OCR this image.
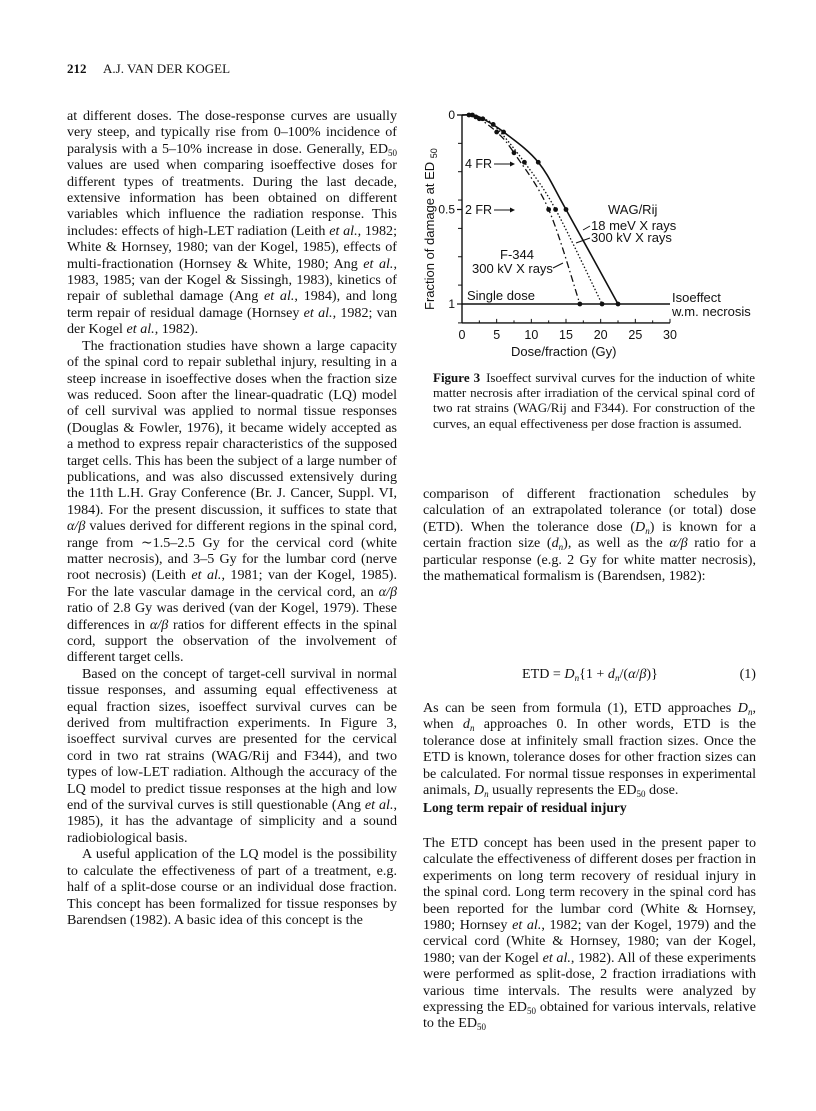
212 A.J. VAN DER KOGEL

at different doses. The dose-response curves are usually very steep, and typically rise from 0–100% incidence of paralysis with a 5–10% increase in dose. Generally, $ED_{50}$ values are used when comparing isoeffective doses for different types of treatments. During the last decade, extensive information has been obtained on different variables which influence the radiation response. This includes: effects of high-LET radiation (Leith et al., 1982; White & Hornsey, 1980; van der Kogel, 1985), effects of multi-fractionation (Hornsey & White, 1980; Ang et al., 1983, 1985; van der Kogel & Sissingh, 1983), kinetics of repair of sublethal damage (Ang et al., 1984), and long term repair of residual damage (Hornsey et al., 1982; van der Kogel et al., 1982).

The fractionation studies have shown a large capacity of the spinal cord to repair sublethal injury, resulting in a steep increase in isoeffective doses when the fraction size was reduced. Soon after the linear-quadratic (LQ) model of cell survival was applied to normal tissue responses (Douglas & Fowler, 1976), it became widely accepted as a method to express repair characteristics of the supposed target cells. This has been the subject of a large number of publications, and was also discussed extensively during the 11th L.H. Gray Conference (Br. J. Cancer, Suppl. VI, 1984). For the present discussion, it suffices to state that α/β values derived for different regions in the spinal cord, range from ∼1.5–2.5 Gy for the cervical cord (white matter necrosis), and 3–5 Gy for the lumbar cord (nerve root necrosis) (Leith et al., 1981; van der Kogel, 1985). For the late vascular damage in the cervical cord, an α/β ratio of 2.8 Gy was derived (van der Kogel, 1979). These differences in α/β ratios for different effects in the spinal cord, support the observation of the involvement of different target cells.

Based on the concept of target-cell survival in normal tissue responses, and assuming equal effectiveness at equal fraction sizes, isoeffect survival curves can be derived from multifraction experiments. In Figure 3, isoeffect survival curves are presented for the cervical cord in two rat strains (WAG/Rij and F344), and two types of low-LET radiation. Although the accuracy of the LQ model to predict tissue responses at the high and low end of the survival curves is still questionable (Ang et al., 1985), it has the advantage of simplicity and a sound radiobiological basis.

A useful application of the LQ model is the possibility to calculate the effectiveness of part of a treatment, e.g. half of a split-dose course or an individual dose fraction. This concept has been formalized for tissue responses by Barendsen (1982). A basic idea of this concept is the

0
0.5
1
0 5 10 15 20 25 30
Fraction of damage at ED $_{50}$
Dose/fraction (Gy)
4 FR
2 FR	WAG/Rij
18 meV X rays
300 kV X rays
F-344
300 kV X rays
Single dose	Isoeffect
w.m. necrosis
Figure 3 Isoeffect survival curves for the induction of white matter necrosis after irradiation of the cervical spinal cord of two rat strains (WAG/Rij and F344). For construction of the curves, an equal effectiveness per dose fraction is assumed.

comparison of different fractionation schedules by calculation of an extrapolated tolerance (or total) dose (ETD). When the tolerance dose $(D_n)$ is known for a certain fraction size $(d_n)$, as well as the α/β ratio for a particular response (e.g. 2 Gy for white matter necrosis), the mathematical formalism is (Barendsen, 1982):

ETD = $D_n\{1 + d_n/(\alpha/\beta)\}$	(1)

As can be seen from formula (1), ETD approaches $D_n$, when $d_n$ approaches 0. In other words, ETD is the tolerance dose at infinitely small fraction sizes. Once the ETD is known, tolerance doses for other fraction sizes can be calculated. For normal tissue responses in experimental animals, $D_n$ usually represents the $ED_{50}$ dose.

Long term repair of residual injury

The ETD concept has been used in the present paper to calculate the effectiveness of different doses per fraction in experiments on long term recovery of residual injury in the spinal cord. Long term recovery in the spinal cord has been reported for the lumbar cord (White & Hornsey, 1980; Hornsey et al., 1982; van der Kogel, 1979) and the cervical cord (White & Hornsey, 1980; van der Kogel, 1980; van der Kogel et al., 1982). All of these experiments were performed as split-dose, 2 fraction irradiations with various time intervals. The results were analyzed by expressing the $ED_{50}$ obtained for various intervals, relative to the $ED_{50}$
